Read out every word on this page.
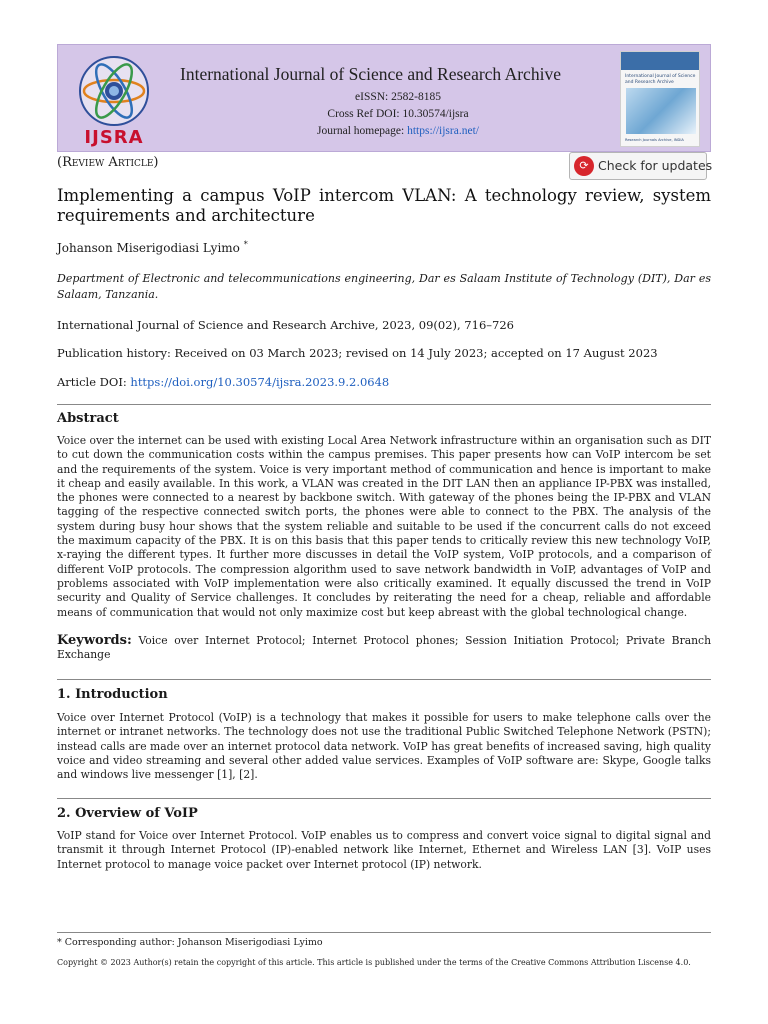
IJSRA
International Journal of Science and Research Archive
eISSN: 2582-8185
Cross Ref DOI: 10.30574/ijsra
Journal homepage: https://ijsra.net/
International Journal of Science and Research Archive
Research Journals Archive, INDIA
(Review Article)	⟳ Check for updates
Implementing a campus VoIP intercom VLAN: A technology review, system requirements and architecture
Johanson Miserigodiasi Lyimo *
Department of Electronic and telecommunications engineering, Dar es Salaam Institute of Technology (DIT), Dar es Salaam, Tanzania.
International Journal of Science and Research Archive, 2023, 09(02), 716–726
Publication history: Received on 03 March 2023; revised on 14 July 2023; accepted on 17 August 2023
Article DOI: https://doi.org/10.30574/ijsra.2023.9.2.0648
Abstract
Voice over the internet can be used with existing Local Area Network infrastructure within an organisation such as DIT to cut down the communication costs within the campus premises. This paper presents how can VoIP intercom be set and the requirements of the system. Voice is very important method of communication and hence is important to make it cheap and easily available. In this work, a VLAN was created in the DIT LAN then an appliance IP-PBX was installed, the phones were connected to a nearest by backbone switch. With gateway of the phones being the IP-PBX and VLAN tagging of the respective connected switch ports, the phones were able to connect to the PBX. The analysis of the system during busy hour shows that the system reliable and suitable to be used if the concurrent calls do not exceed the maximum capacity of the PBX. It is on this basis that this paper tends to critically review this new technology VoIP, x-raying the different types. It further more discusses in detail the VoIP system, VoIP protocols, and a comparison of different VoIP protocols. The compression algorithm used to save network bandwidth in VoIP, advantages of VoIP and problems associated with VoIP implementation were also critically examined. It equally discussed the trend in VoIP security and Quality of Service challenges. It concludes by reiterating the need for a cheap, reliable and affordable means of communication that would not only maximize cost but keep abreast with the global technological change.
Keywords: Voice over Internet Protocol; Internet Protocol phones; Session Initiation Protocol; Private Branch Exchange
1. Introduction
Voice over Internet Protocol (VoIP) is a technology that makes it possible for users to make telephone calls over the internet or intranet networks. The technology does not use the traditional Public Switched Telephone Network (PSTN); instead calls are made over an internet protocol data network. VoIP has great benefits of increased saving, high quality voice and video streaming and several other added value services. Examples of VoIP software are: Skype, Google talks and windows live messenger [1], [2].
2. Overview of VoIP
VoIP stand for Voice over Internet Protocol. VoIP enables us to compress and convert voice signal to digital signal and transmit it through Internet Protocol (IP)-enabled network like Internet, Ethernet and Wireless LAN [3]. VoIP uses Internet protocol to manage voice packet over Internet protocol (IP) network.
* Corresponding author: Johanson Miserigodiasi Lyimo
Copyright © 2023 Author(s) retain the copyright of this article. This article is published under the terms of the Creative Commons Attribution Liscense 4.0.
